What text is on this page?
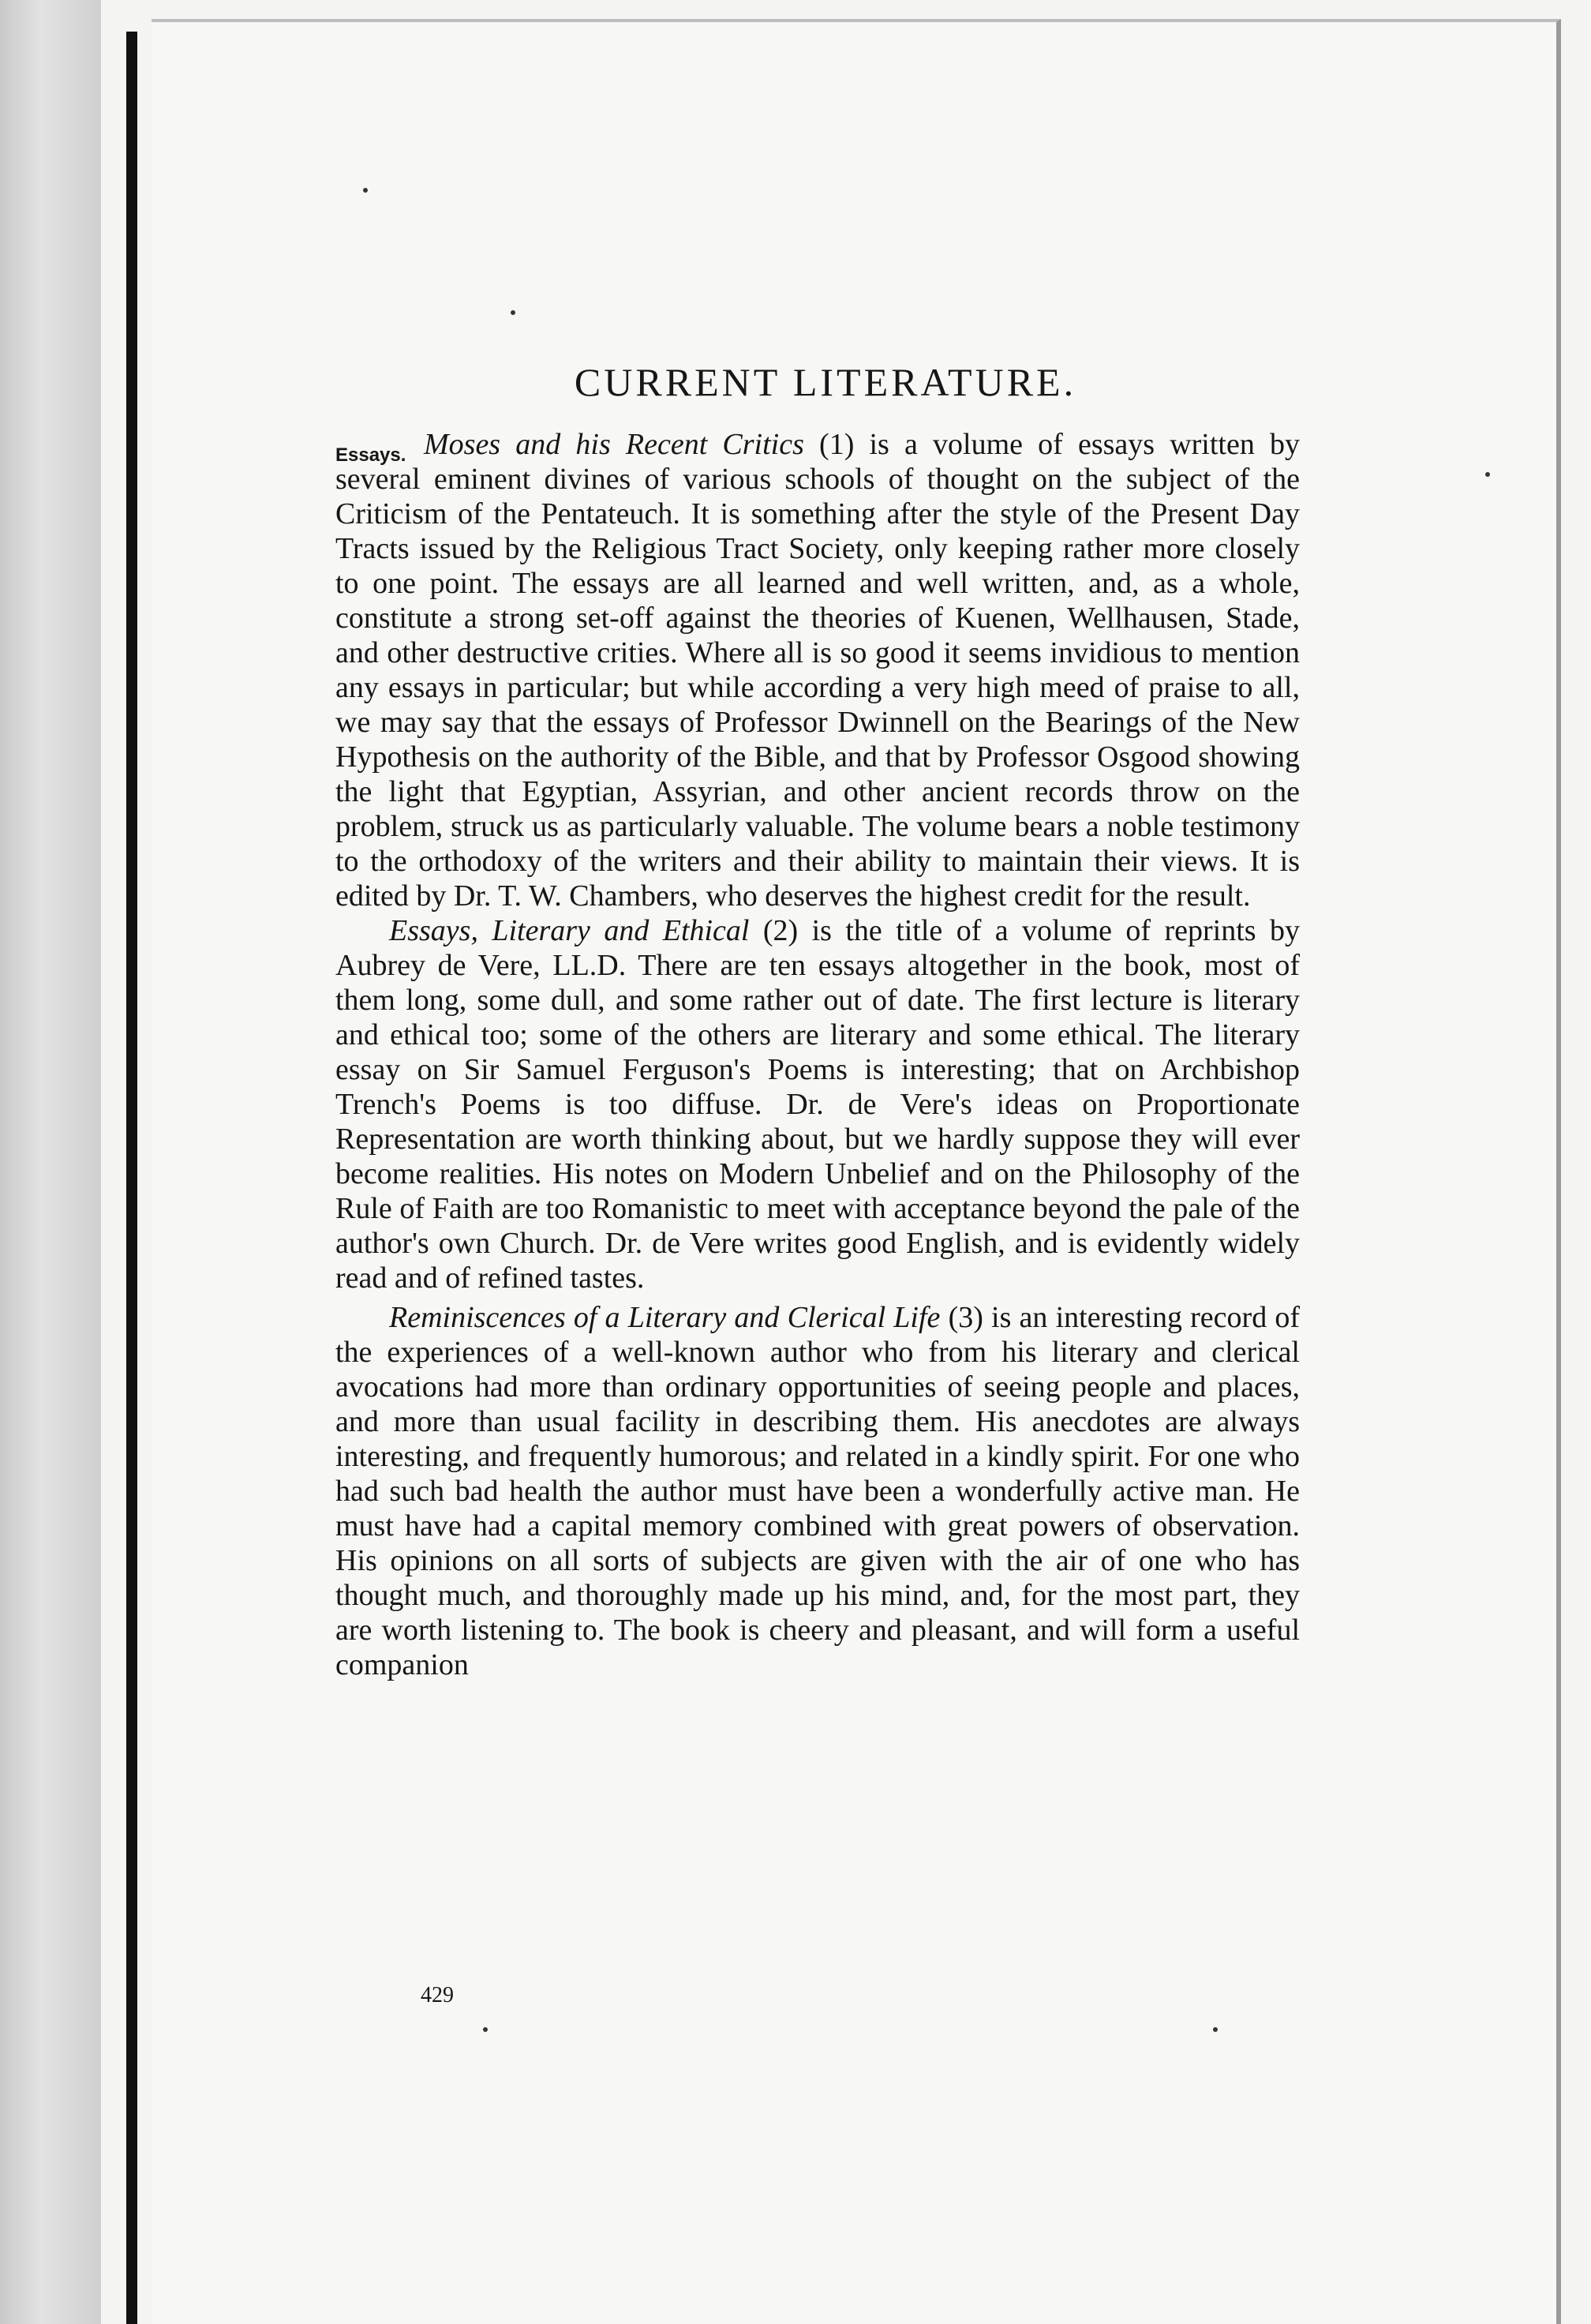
CURRENT LITERATURE.
Essays. Moses and his Recent Critics (1) is a volume of essays written by several eminent divines of various schools of thought on the subject of the Criticism of the Pentateuch. It is something after the style of the Present Day Tracts issued by the Religious Tract Society, only keeping rather more closely to one point. The essays are all learned and well written, and, as a whole, constitute a strong set-off against the theories of Kuenen, Wellhausen, Stade, and other destructive crities. Where all is so good it seems invidious to mention any essays in particular; but while according a very high meed of praise to all, we may say that the essays of Professor Dwinnell on the Bearings of the New Hypothesis on the authority of the Bible, and that by Professor Osgood showing the light that Egyptian, Assyrian, and other ancient records throw on the problem, struck us as particularly valuable. The volume bears a noble testimony to the orthodoxy of the writers and their ability to maintain their views. It is edited by Dr. T. W. Chambers, who deserves the highest credit for the result.

Essays, Literary and Ethical (2) is the title of a volume of reprints by Aubrey de Vere, LL.D. There are ten essays altogether in the book, most of them long, some dull, and some rather out of date. The first lecture is literary and ethical too; some of the others are literary and some ethical. The literary essay on Sir Samuel Ferguson's Poems is interesting; that on Archbishop Trench's Poems is too diffuse. Dr. de Vere's ideas on Proportionate Representation are worth thinking about, but we hardly suppose they will ever become realities. His notes on Modern Unbelief and on the Philosophy of the Rule of Faith are too Romanistic to meet with acceptance beyond the pale of the author's own Church. Dr. de Vere writes good English, and is evidently widely read and of refined tastes.

Reminiscences of a Literary and Clerical Life (3) is an interesting record of the experiences of a well-known author who from his literary and clerical avocations had more than ordinary opportunities of seeing people and places, and more than usual facility in describing them. His anecdotes are always interesting, and frequently humorous; and related in a kindly spirit. For one who had such bad health the author must have been a wonderfully active man. He must have had a capital memory combined with great powers of observation. His opinions on all sorts of subjects are given with the air of one who has thought much, and thoroughly made up his mind, and, for the most part, they are worth listening to. The book is cheery and pleasant, and will form a useful companion

429
